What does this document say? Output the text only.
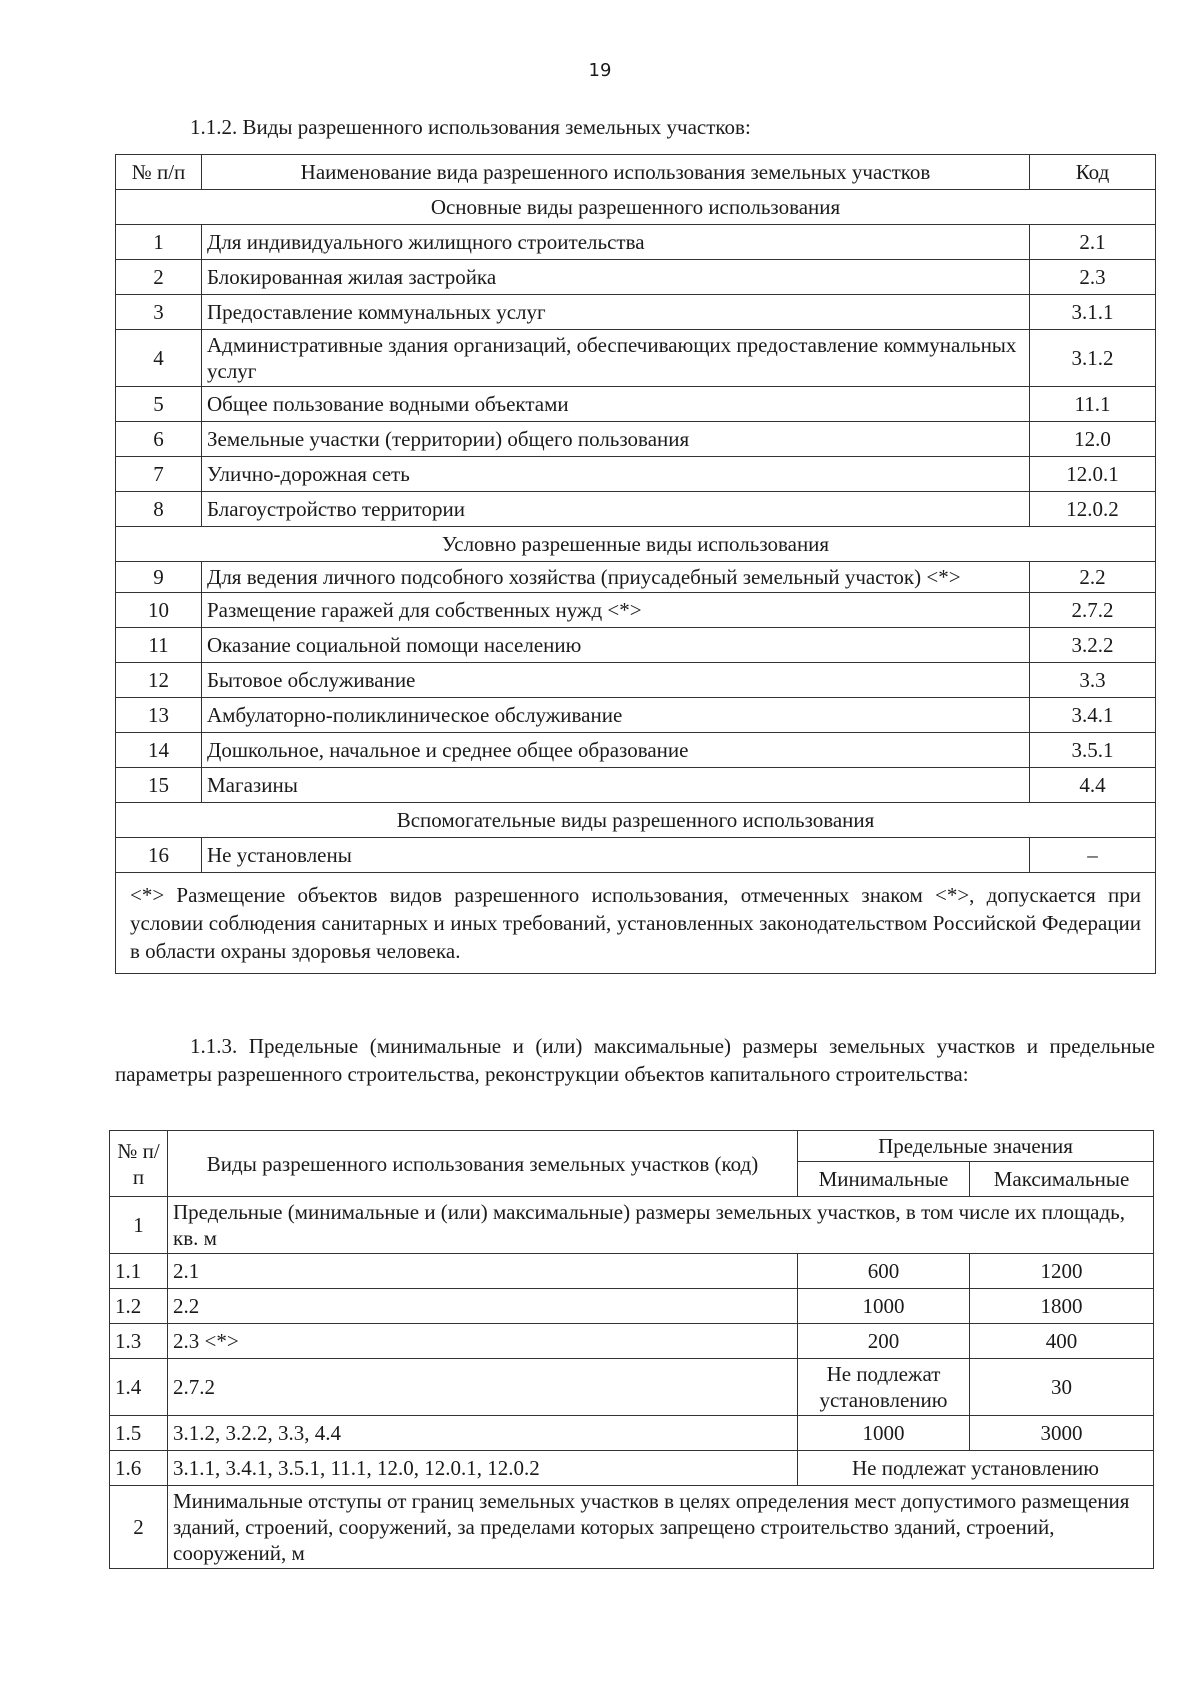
19
1.1.2. Виды разрешенного использования земельных участков:
№ п/п	Наименование вида разрешенного использования земельных участков	Код
Основные виды разрешенного использования		
1	Для индивидуального жилищного строительства	2.1
2	Блокированная жилая застройка	2.3
3	Предоставление коммунальных услуг	3.1.1
4	Административные здания организаций, обеспечивающих предоставление коммунальных услуг	3.1.2
5	Общее пользование водными объектами	11.1
6	Земельные участки (территории) общего пользования	12.0
7	Улично-дорожная сеть	12.0.1
8	Благоустройство территории	12.0.2
Условно разрешенные виды использования		
9	Для ведения личного подсобного хозяйства (приусадебный земельный участок) <*>	2.2
10	Размещение гаражей для собственных нужд <*>	2.7.2
11	Оказание социальной помощи населению	3.2.2
12	Бытовое обслуживание	3.3
13	Амбулаторно-поликлиническое обслуживание	3.4.1
14	Дошкольное, начальное и среднее общее образование	3.5.1
15	Магазины	4.4
Вспомогательные виды разрешенного использования		
16	Не установлены	–
<*> Размещение объектов видов разрешенного использования, отмеченных знаком <*>, допускается при условии соблюдения санитарных и иных требований, установленных законодательством Российской Федерации в области охраны здоровья человека.		
1.1.3. Предельные (минимальные и (или) максимальные) размеры земельных участков и предельные параметры разрешенного строительства, реконструкции объектов капитального строительства:
№ п/п	Виды разрешенного использования земельных участков (код)	Предельные значения	
		Минимальные	Максимальные
1	Предельные (минимальные и (или) максимальные) размеры земельных участков, в том числе их площадь, кв. м		
1.1	2.1	600	1200
1.2	2.2	1000	1800
1.3	2.3 <*>	200	400
1.4	2.7.2	Не подлежат установлению	30
1.5	3.1.2, 3.2.2, 3.3, 4.4	1000	3000
1.6	3.1.1, 3.4.1, 3.5.1, 11.1, 12.0, 12.0.1, 12.0.2	Не подлежат установлению	
2	Минимальные отступы от границ земельных участков в целях определения мест допустимого размещения зданий, строений, сооружений, за пределами которых запрещено строительство зданий, строений, сооружений, м		
